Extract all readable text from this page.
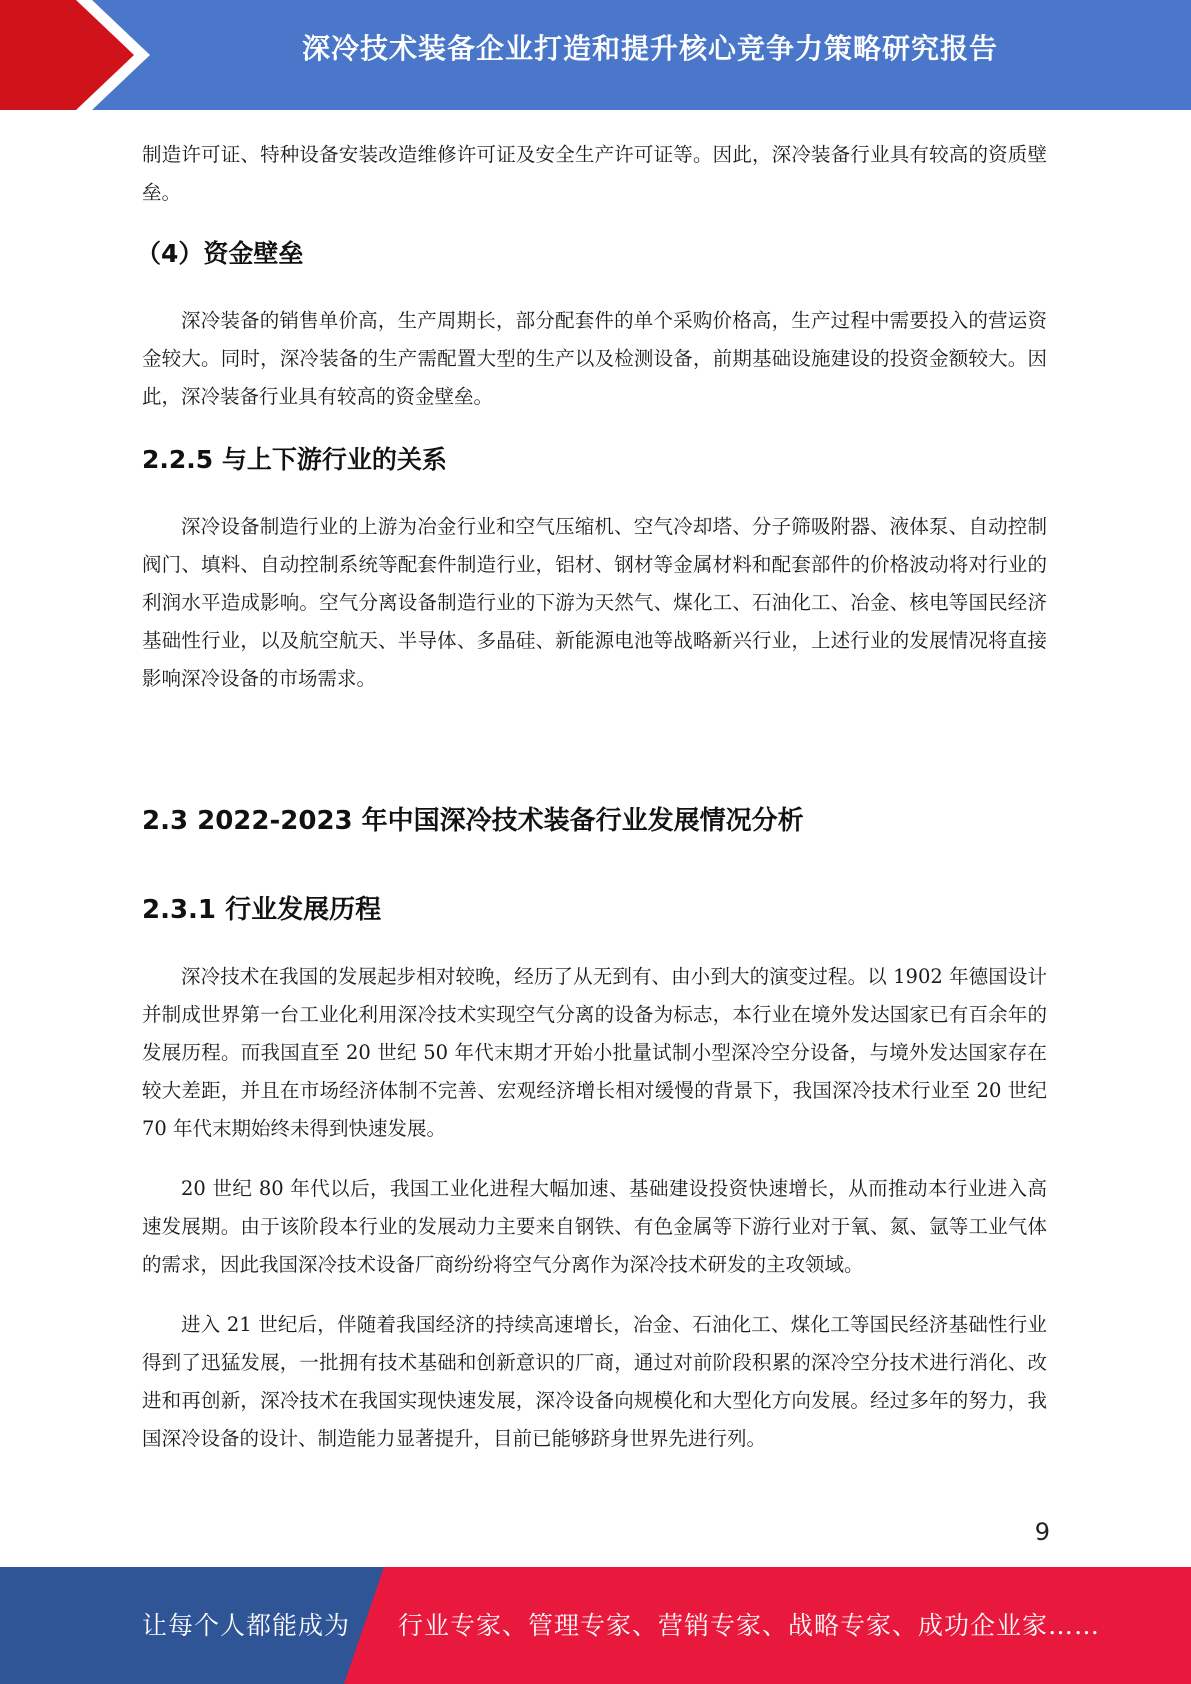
深冷技术装备企业打造和提升核心竞争力策略研究报告

制造许可证、特种设备安装改造维修许可证及安全生产许可证等。因此，深冷装备行业具有较高的资质壁垒。

（4）资金壁垒

深冷装备的销售单价高，生产周期长，部分配套件的单个采购价格高，生产过程中需要投入的营运资金较大。同时，深冷装备的生产需配置大型的生产以及检测设备，前期基础设施建设的投资金额较大。因此，深冷装备行业具有较高的资金壁垒。

2.2.5 与上下游行业的关系

深冷设备制造行业的上游为冶金行业和空气压缩机、空气冷却塔、分子筛吸附器、液体泵、自动控制阀门、填料、自动控制系统等配套件制造行业，铝材、钢材等金属材料和配套部件的价格波动将对行业的利润水平造成影响。空气分离设备制造行业的下游为天然气、煤化工、石油化工、冶金、核电等国民经济基础性行业，以及航空航天、半导体、多晶硅、新能源电池等战略新兴行业，上述行业的发展情况将直接影响深冷设备的市场需求。

2.3 2022-2023 年中国深冷技术装备行业发展情况分析
2.3.1 行业发展历程

深冷技术在我国的发展起步相对较晚，经历了从无到有、由小到大的演变过程。以 1902 年德国设计并制成世界第一台工业化利用深冷技术实现空气分离的设备为标志，本行业在境外发达国家已有百余年的发展历程。而我国直至 20 世纪 50 年代末期才开始小批量试制小型深冷空分设备，与境外发达国家存在较大差距，并且在市场经济体制不完善、宏观经济增长相对缓慢的背景下，我国深冷技术行业至 20 世纪 70 年代末期始终未得到快速发展。

20 世纪 80 年代以后，我国工业化进程大幅加速、基础建设投资快速增长，从而推动本行业进入高速发展期。由于该阶段本行业的发展动力主要来自钢铁、有色金属等下游行业对于氧、氮、氩等工业气体的需求，因此我国深冷技术设备厂商纷纷将空气分离作为深冷技术研发的主攻领域。

进入 21 世纪后，伴随着我国经济的持续高速增长，冶金、石油化工、煤化工等国民经济基础性行业得到了迅猛发展，一批拥有技术基础和创新意识的厂商，通过对前阶段积累的深冷空分技术进行消化、改进和再创新，深冷技术在我国实现快速发展，深冷设备向规模化和大型化方向发展。经过多年的努力，我国深冷设备的设计、制造能力显著提升，目前已能够跻身世界先进行列。

9
让每个人都能成为 行业专家、管理专家、营销专家、战略专家、成功企业家……
